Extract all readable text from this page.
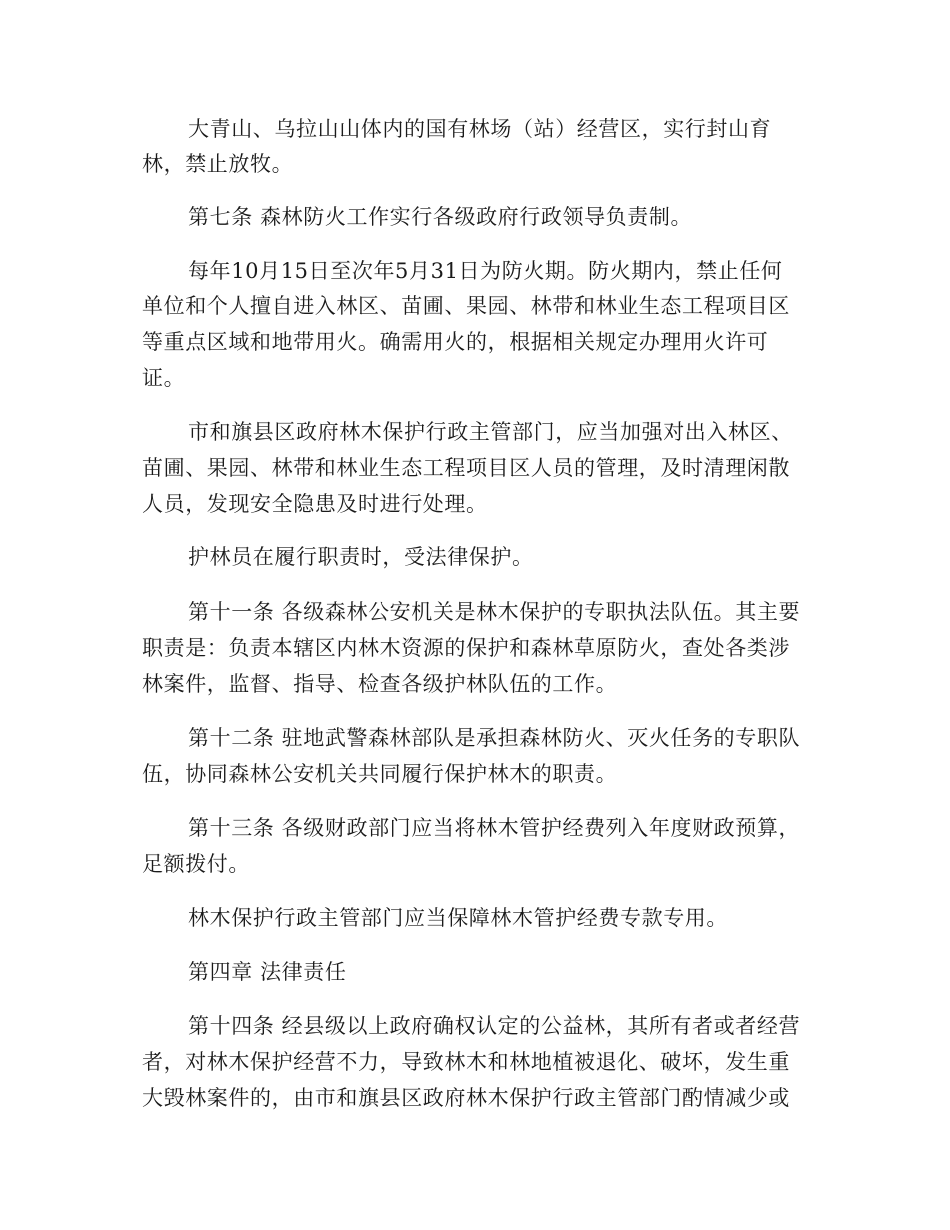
大青山、乌拉山山体内的国有林场（站）经营区，实行封山育
林，禁止放牧。
第七条 森林防火工作实行各级政府行政领导负责制。
每年10月15日至次年5月31日为防火期。防火期内，禁止任何
单位和个人擅自进入林区、苗圃、果园、林带和林业生态工程项目区
等重点区域和地带用火。确需用火的，根据相关规定办理用火许可
证。
市和旗县区政府林木保护行政主管部门，应当加强对出入林区、
苗圃、果园、林带和林业生态工程项目区人员的管理，及时清理闲散
人员，发现安全隐患及时进行处理。
护林员在履行职责时，受法律保护。
第十一条 各级森林公安机关是林木保护的专职执法队伍。其主要
职责是：负责本辖区内林木资源的保护和森林草原防火，查处各类涉
林案件，监督、指导、检查各级护林队伍的工作。
第十二条 驻地武警森林部队是承担森林防火、灭火任务的专职队
伍，协同森林公安机关共同履行保护林木的职责。
第十三条 各级财政部门应当将林木管护经费列入年度财政预算，
足额拨付。
林木保护行政主管部门应当保障林木管护经费专款专用。
第四章 法律责任
第十四条 经县级以上政府确权认定的公益林，其所有者或者经营
者，对林木保护经营不力，导致林木和林地植被退化、破坏，发生重
大毁林案件的，由市和旗县区政府林木保护行政主管部门酌情减少或
